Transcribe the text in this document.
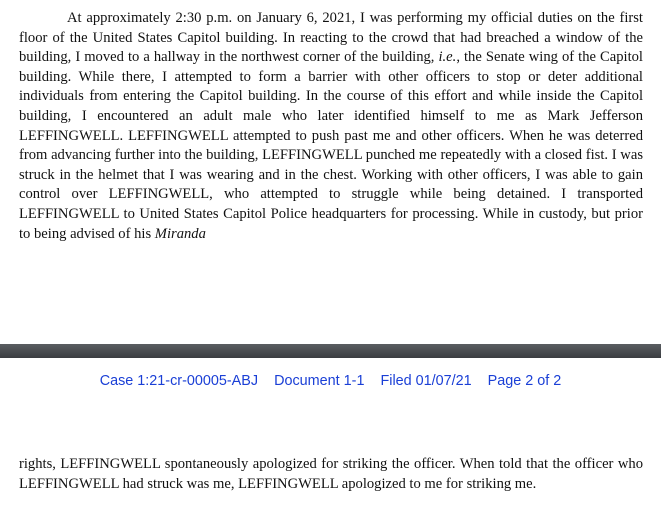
At approximately 2:30 p.m. on January 6, 2021, I was performing my official duties on the first floor of the United States Capitol building. In reacting to the crowd that had breached a window of the building, I moved to a hallway in the northwest corner of the building, i.e., the Senate wing of the Capitol building. While there, I attempted to form a barrier with other officers to stop or deter additional individuals from entering the Capitol building. In the course of this effort and while inside the Capitol building, I encountered an adult male who later identified himself to me as Mark Jefferson LEFFINGWELL. LEFFINGWELL attempted to push past me and other officers. When he was deterred from advancing further into the building, LEFFINGWELL punched me repeatedly with a closed fist. I was struck in the helmet that I was wearing and in the chest. Working with other officers, I was able to gain control over LEFFINGWELL, who attempted to struggle while being detained. I transported LEFFINGWELL to United States Capitol Police headquarters for processing. While in custody, but prior to being advised of his Miranda

Case 1:21-cr-00005-ABJ Document 1-1 Filed 01/07/21 Page 2 of 2

rights, LEFFINGWELL spontaneously apologized for striking the officer. When told that the officer who LEFFINGWELL had struck was me, LEFFINGWELL apologized to me for striking me.
